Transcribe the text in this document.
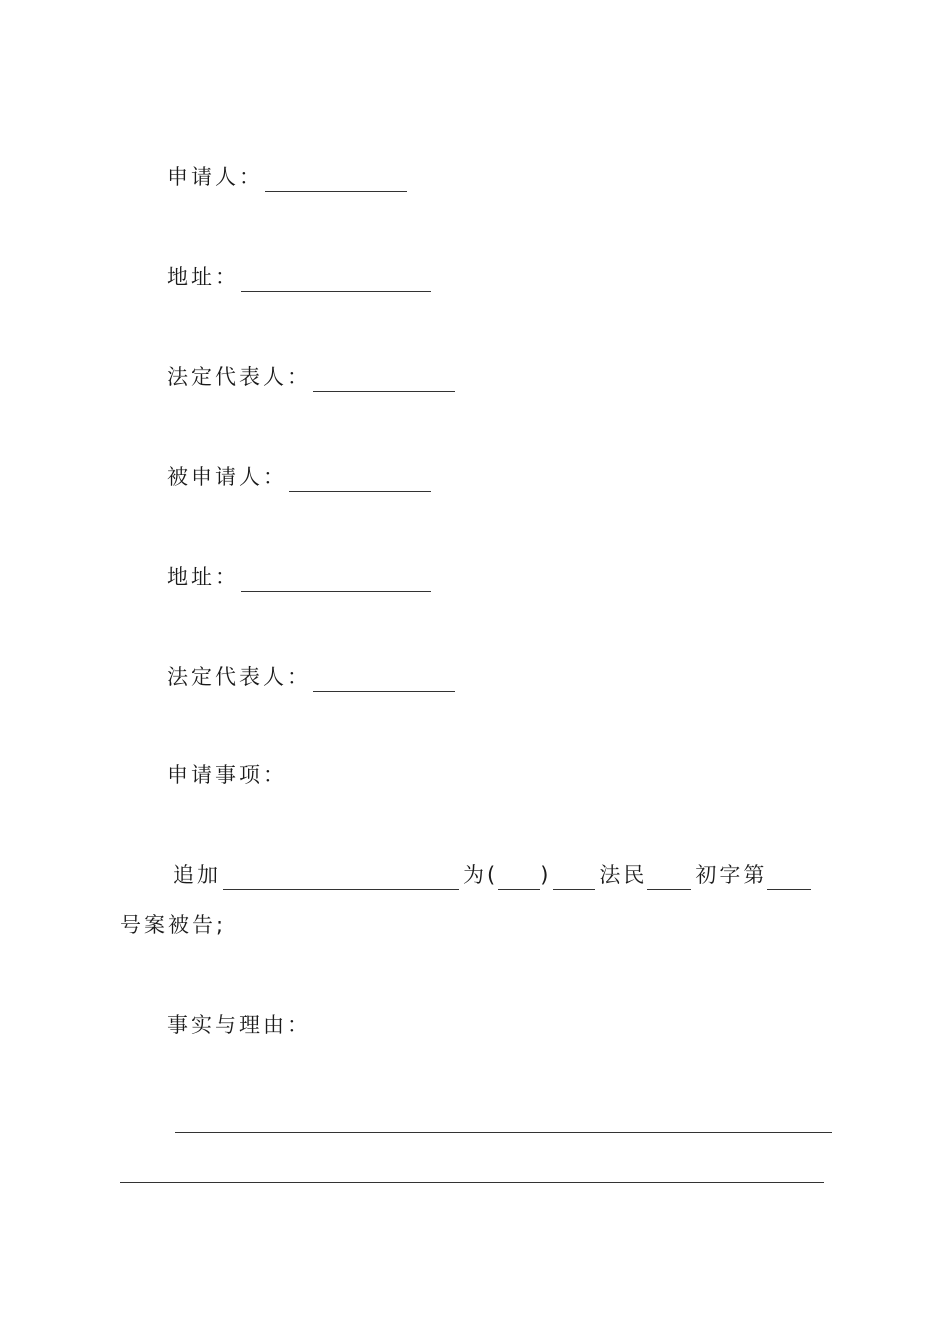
申请人：
地址：
法定代表人：
被申请人：
地址：
法定代表人：
申请事项：
追加	为( ) 法民 初字第
号案被告;
事实与理由：
